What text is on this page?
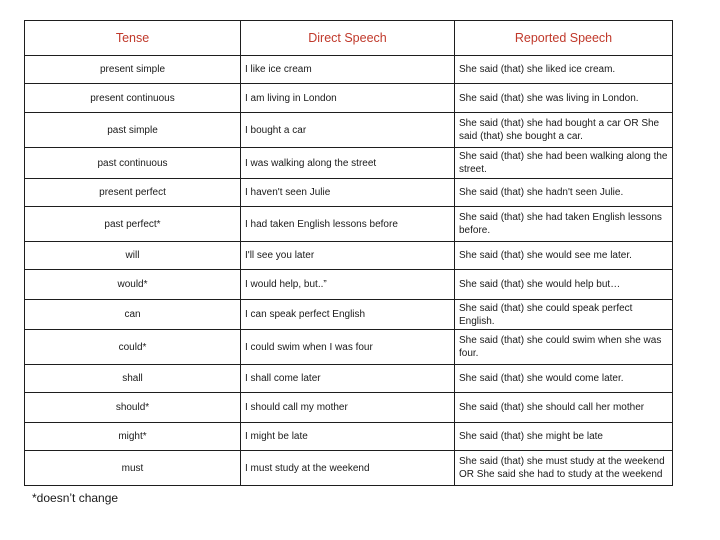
Tense	Direct Speech	Reported Speech
present simple	I like ice cream	She said (that) she liked ice cream.
present continuous	I am living in London	She said (that) she was living in London.
past simple	I bought a car	She said (that) she had bought a car OR She said (that) she bought a car.
past continuous	I was walking along the street	She said (that) she had been walking along the street.
present perfect	I haven't seen Julie	She said (that) she hadn't seen Julie.
past perfect*	I had taken English lessons before	She said (that) she had taken English lessons before.
will	I'll see you later	She said (that) she would see me later.
would*	I would help, but..”	She said (that) she would help but…
can	I can speak perfect English	She said (that) she could speak perfect English.
could*	I could swim when I was four	She said (that) she could swim when she was four.
shall	I shall come later	She said (that) she would come later.
should*	I should call my mother	She said (that) she should call her mother
might*	I might be late	She said (that) she might be late
must	I must study at the weekend	She said (that) she must study at the weekend OR She said she had to study at the weekend
*doesn’t change
